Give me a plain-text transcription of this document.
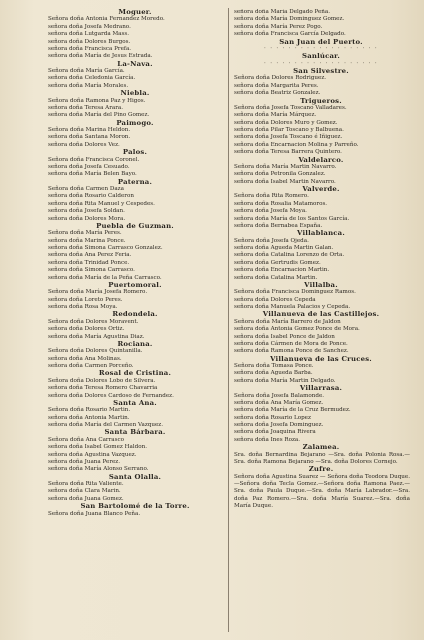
Moguer.
Señora doña Antonia Fernandez Moredo.
señora doña Josefa Medrano.
señora doña Lutgarda Mass.
señora doña Dolores Burgos.
señora doña Francisca Prefa.
señora doña María de Jesus Estrada.
La-Nava.
Señora doña María García.
señora doña Celedonia García.
señora doña María Morales.
Niebla.
Señora doña Ramona Paz y Higos.
señora doña Teresa Arara.
señora doña María del Pino Gomez.
Paimogo.
Señora doña Marina Heldon.
señora doña Santana Moron.
señora doña Dolores Vez.
Palos.
Señora doña Francisca Coronel.
señora doña Josefa Cesuado.
señora doña María Belen Bayo.
Paterna.
Señora doña Carmen Daza
señora doña Rosario Calderon
señora doña Rita Manuel y Cespedes.
señora doña Josefa Soldan.
señora doña Dolores Mora.
Puebla de Guzman.
Señora doña María Peres.
señora doña Marina Ponce.
señora doña Simona Carrasco Gonzalez.
señora doña Ana Perez Feria.
señora doña Trinidad Ponce.
señora doña Simona Carrasco.
señora doña María de la Peña Carrasco.
Puertomoral.
Señora doña María Josefa Romero.
señora doña Loreto Peres.
señora doña Rosa Moya.
Redondela.
Señora doña Dolores Moravent.
señora doña Dolores Ortiz.
señora doña María Agustina Diaz.
Rociana.
Señora doña Dolores Quintanilla.
señora doña Ana Molinas.
señora doña Carmen Porceño.
Rosal de Cristina.
Señora doña Dolores Lobo de Silvera.
señora doña Teresa Romero Chavarria
señora doña Dolores Cardoso de Fernandez.
Santa Ana.
Señora doña Rosario Martin.
señora doña Antonia Martin.
señora doña María del Carmen Vazquez.
Santa Bárbara.
Señora doña Ana Carrasco
señora doña Isabel Gomez Haldon.
señora doña Agustina Vazquez.
señora doña Juana Perez.
señora doña María Alonso Serrano.
Santa Olalla.
Señora doña Rita Valiente.
señora doña Clara Marin.
señora doña Juana Gomez.
San Bartolomé de la Torre.
Señora doña Juana Blanco Peña.
señora doña María Delgado Peña.
señora doña María Dominguez Gomez.
señora doña María Perez Pogo.
señora doña Francisca García Delgado.
San Juan del Puerto.
· · · · · · · · · · · · · · · · · · ·
Sanlúcar.
· · · · · · · · · · · · · · · · · · ·
San Silvestre.
Señora doña Dolores Rodriguez.
señora doña Margarita Peres.
señora doña Beatriz Gonzalez.
Trigueros.
Señora doña Josefa Toscano Valladares.
señora doña María Márquez.
señora doña Dolores Muro y Gomez.
señora doña Pilar Toscano y Balbuena.
señora doña Josefa Toscano é Iñiguez.
señora doña Encarnacion Molina y Parreño.
señora doña Teresa Barrera Quintero.
Valdelarco.
Señora doña María Martin Navarro.
señora doña Petronila Gonzalez.
señora doña Isabel Martin Navarro.
Valverde.
Señora doña Rita Romero.
señora doña Rosalia Matamoros.
señora doña Josefa Moya.
señora doña María de los Santos García.
señora doña Bernabea España.
Villablanca.
Señora doña Josefa Ojeda.
señora doña Agueda Martin Galan.
señora doña Catalina Lorenzo de Orta.
señora doña Gertrudis Gomez.
señora doña Encarnacion Martin.
señora doña Catalina Martin.
Villalba.
Señora doña Francisca Dominguez Ramos.
señora doña Dolores Cepeda
señora doña Manuela Palacios y Cepeda.
Villanueva de las Castillejos.
Señora doña María Barrero de Jaldon
señora doña Antonia Gomez Ponce de Mora.
señora doña Isabel Ponce de Jaldon
señora doña Cármen de Mora de Ponce.
señora doña Ramona Ponce de Sanchez.
Villanueva de las Cruces.
Señora doña Tomasa Ponce.
señora doña Agueda Barba.
señora doña María Martin Delgado.
Villarrasa.
Señora doña Josefa Balamonde.
señora doña Ana María Gomez.
señora doña María de la Cruz Bermudez.
señora doña Rosario Lopez
señora doña Josefa Dominguez.
señora doña Joaquina Rivera
señora doña Ines Roza.
Zalamea.
Sra. doña Bernardina Bejarano —Sra. doña Polonia Rosa.—Sra. doña Ramona Bejarano —Sra. doña Dolores Cornejo.
Zufre.
Señora doña Agustina Suarez — Señora doña Teodora Duque.—Señora doña Tecla Gomez.—Señora doña Ramona Paez.—Sra. doña Paula Duque.—Sra. doña María Labrador.—Sra. doña Paz Romero.—Sra. doña María Suarez.—Sra. doña María Duque.
